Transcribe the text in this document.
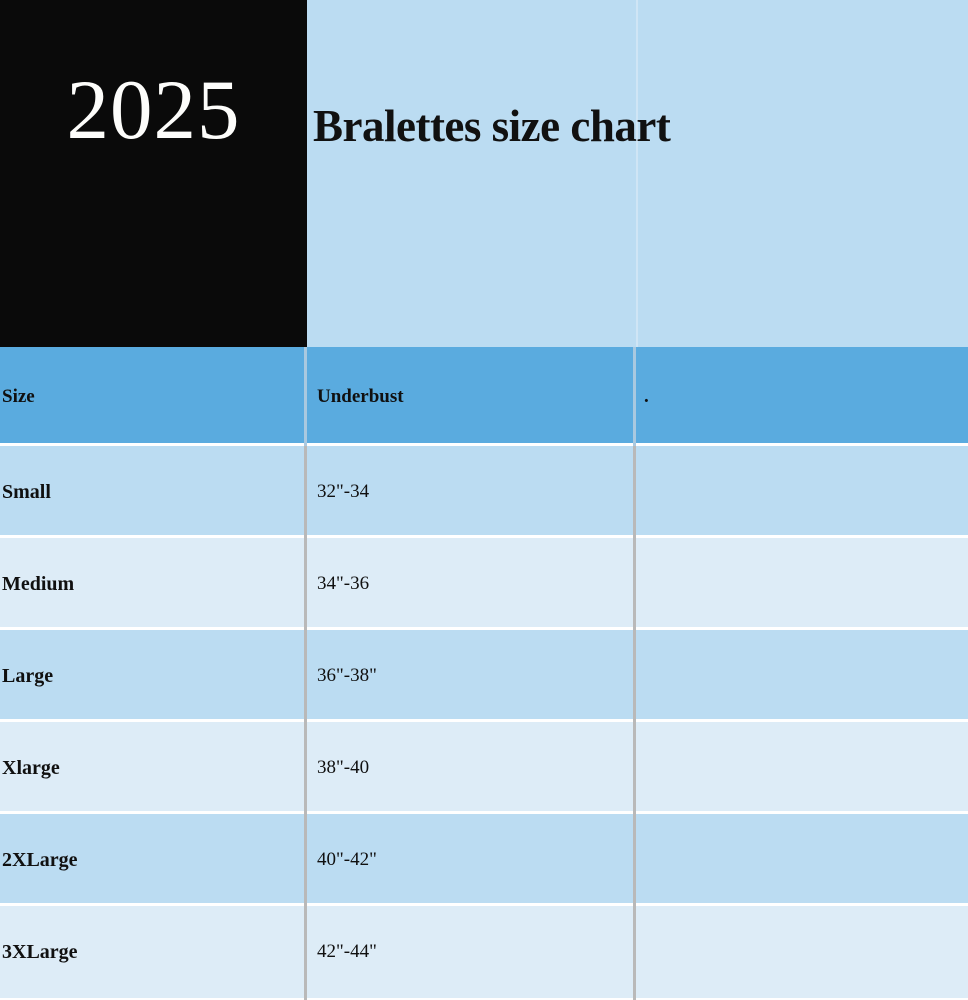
2025	Bralettes size chart
Size	Underbust	.
Small	32"-34
Medium	34"-36
Large	36"-38"
Xlarge	38"-40
2XLarge	40"-42"
3XLarge	42"-44"
